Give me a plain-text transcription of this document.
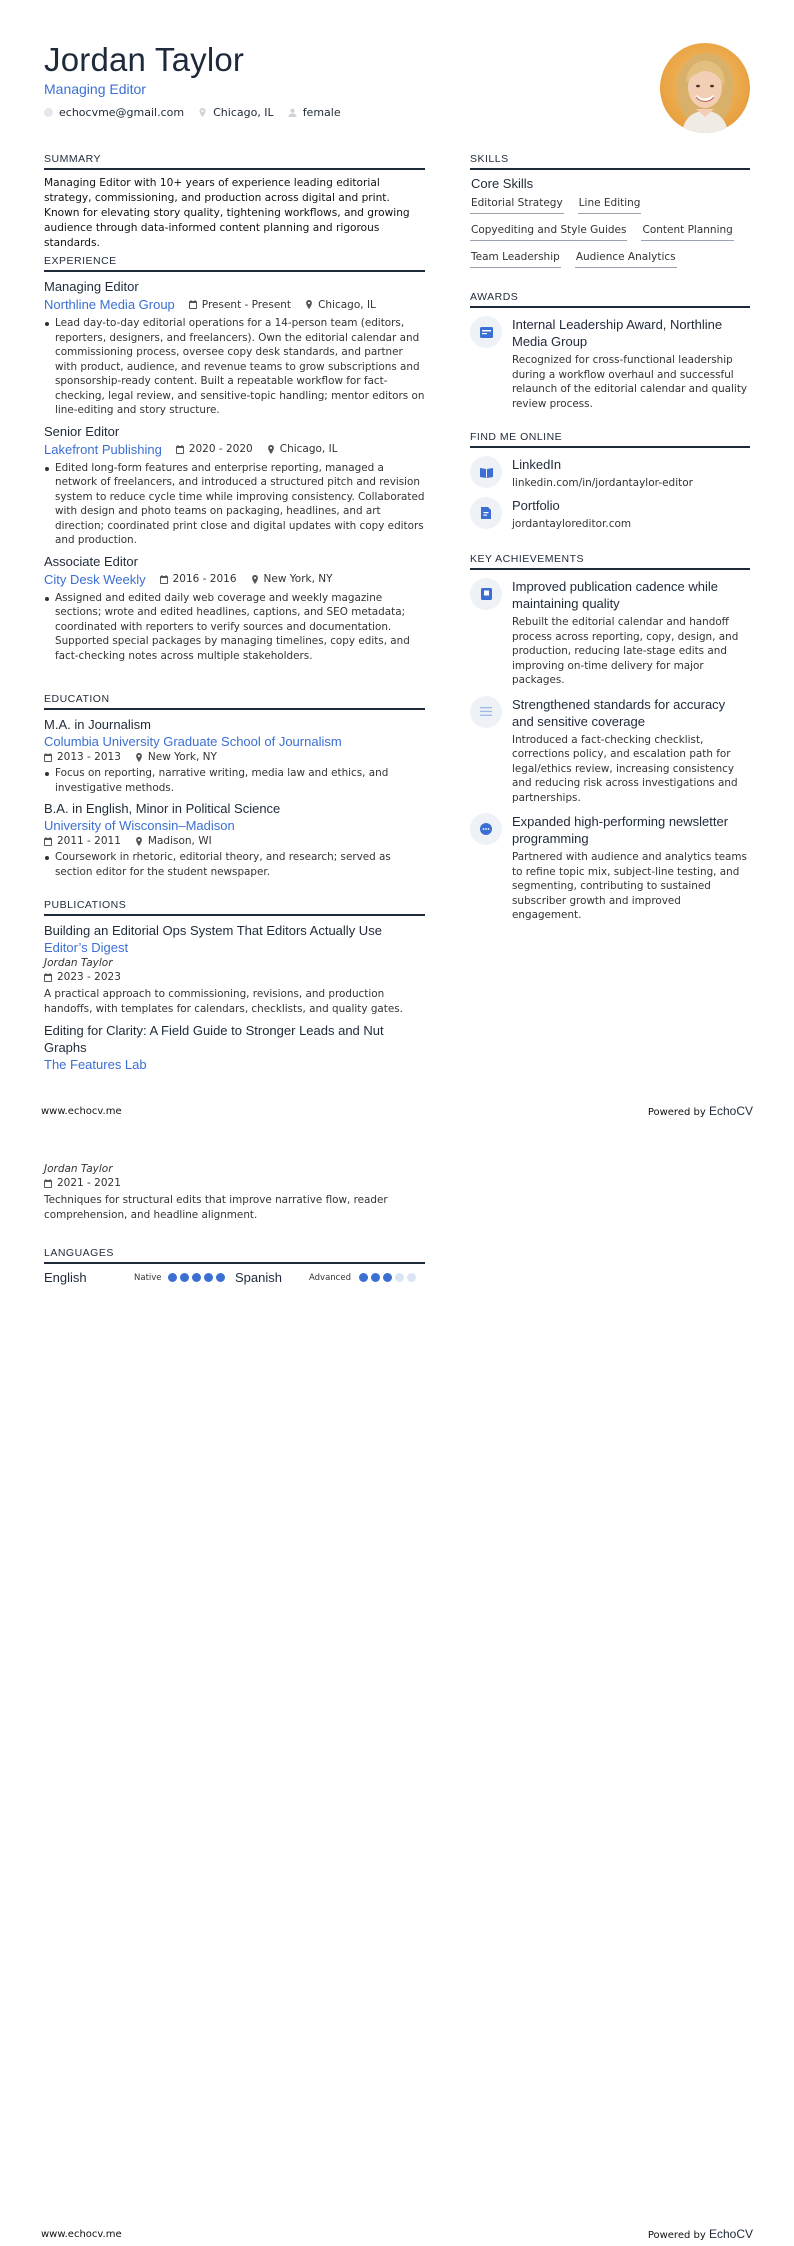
Jordan Taylor
Managing Editor
echocvme@gmail.com	Chicago, IL	female
SUMMARY
Managing Editor with 10+ years of experience leading editorial strategy, commissioning, and production across digital and print. Known for elevating story quality, tightening workflows, and growing audience through data-informed content planning and rigorous standards.
EXPERIENCE
Managing Editor
Northline Media Group	Present - Present	Chicago, IL
Lead day-to-day editorial operations for a 14-person team (editors, reporters, designers, and freelancers). Own the editorial calendar and commissioning process, oversee copy desk standards, and partner with product, audience, and revenue teams to grow subscriptions and sponsorship-ready content. Built a repeatable workflow for fact-checking, legal review, and sensitive-topic handling; mentor editors on line-editing and story structure.
Senior Editor
Lakefront Publishing	2020 - 2020	Chicago, IL
Edited long-form features and enterprise reporting, managed a network of freelancers, and introduced a structured pitch and revision system to reduce cycle time while improving consistency. Collaborated with design and photo teams on packaging, headlines, and art direction; coordinated print close and digital updates with copy editors and production.
Associate Editor
City Desk Weekly	2016 - 2016	New York, NY
Assigned and edited daily web coverage and weekly magazine sections; wrote and edited headlines, captions, and SEO metadata; coordinated with reporters to verify sources and documentation. Supported special packages by managing timelines, copy edits, and fact-checking notes across multiple stakeholders.
EDUCATION
M.A. in Journalism
Columbia University Graduate School of Journalism
2013 - 2013	New York, NY
Focus on reporting, narrative writing, media law and ethics, and investigative methods.
B.A. in English, Minor in Political Science
University of Wisconsin–Madison
2011 - 2011	Madison, WI
Coursework in rhetoric, editorial theory, and research; served as section editor for the student newspaper.
PUBLICATIONS
Building an Editorial Ops System That Editors Actually Use
Editor’s Digest
Jordan Taylor
2023 - 2023
A practical approach to commissioning, revisions, and production handoffs, with templates for calendars, checklists, and quality gates.
Editing for Clarity: A Field Guide to Stronger Leads and Nut Graphs
The Features Lab
SKILLS
Core Skills
Editorial Strategy Line Editing
Copyediting and Style Guides Content Planning
Team Leadership Audience Analytics
AWARDS
Internal Leadership Award, Northline Media Group
Recognized for cross-functional leadership during a workflow overhaul and successful relaunch of the editorial calendar and quality review process.
FIND ME ONLINE
LinkedIn
linkedin.com/in/jordantaylor-editor
Portfolio
jordantayloreditor.com
KEY ACHIEVEMENTS
Improved publication cadence while maintaining quality
Rebuilt the editorial calendar and handoff process across reporting, copy, design, and production, reducing late-stage edits and improving on-time delivery for major packages.
Strengthened standards for accuracy and sensitive coverage
Introduced a fact-checking checklist, corrections policy, and escalation path for legal/ethics review, increasing consistency and reducing risk across investigations and partnerships.
Expanded high-performing newsletter programming
Partnered with audience and analytics teams to refine topic mix, subject-line testing, and segmenting, contributing to sustained subscriber growth and improved engagement.
www.echocv.me	Powered by EchoCV
Jordan Taylor
2021 - 2021
Techniques for structural edits that improve narrative flow, reader comprehension, and headline alignment.
LANGUAGES
English	Native	Spanish	Advanced
www.echocv.me	Powered by EchoCV
